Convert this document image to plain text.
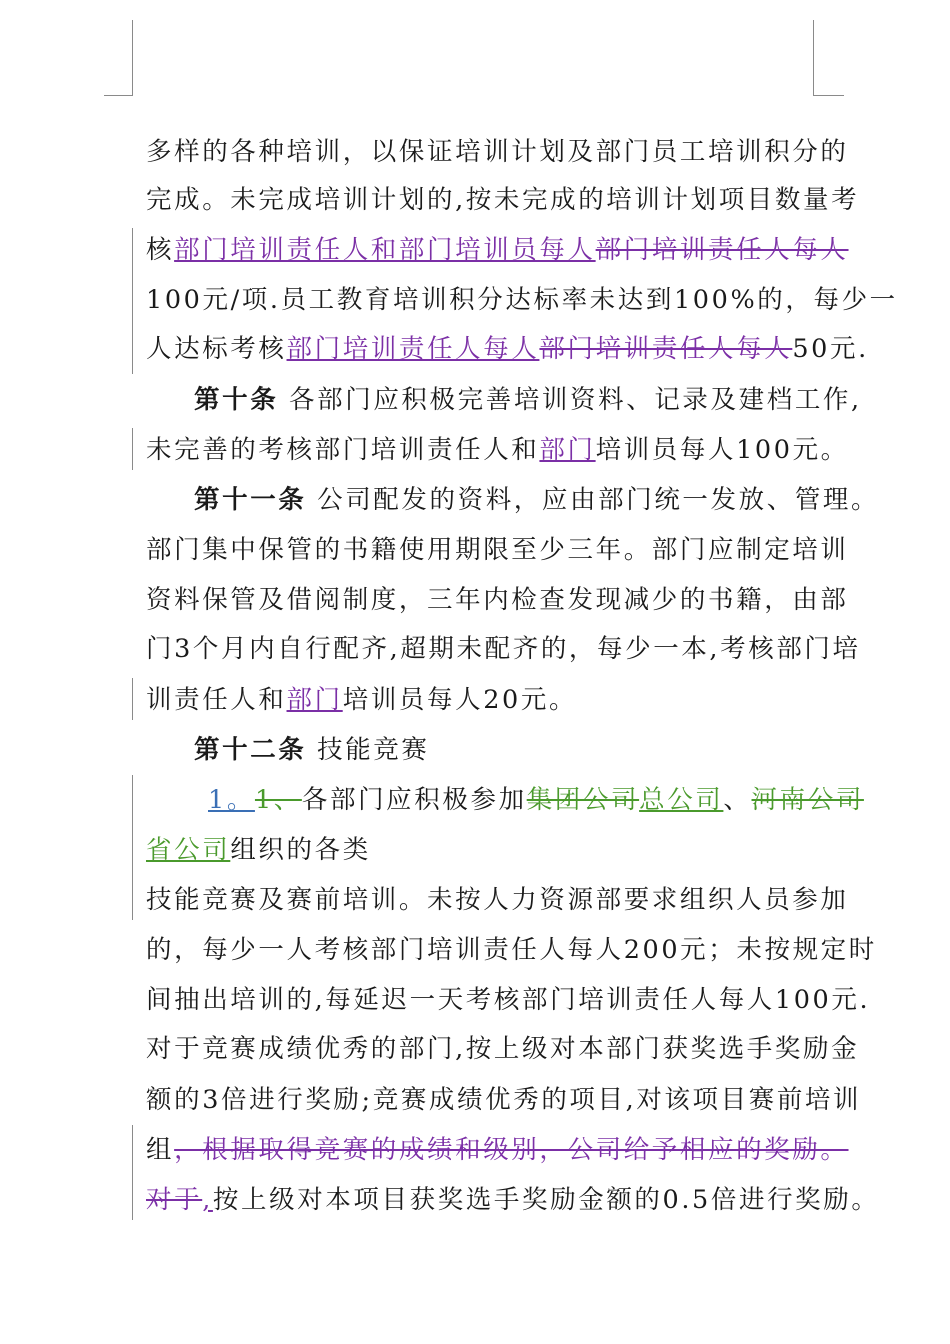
多样的各种培训，以保证培训计划及部门员工培训积分的
完成。未完成培训计划的,按未完成的培训计划项目数量考
核部门培训责任人和部门培训员每人部门培训责任人每人
100元/项.员工教育培训积分达标率未达到100%的，每少一
人达标考核部门培训责任人每人部门培训责任人每人50元.
第十条 各部门应积极完善培训资料、记录及建档工作,
未完善的考核部门培训责任人和部门培训员每人100元。
第十一条 公司配发的资料，应由部门统一发放、管理。
部门集中保管的书籍使用期限至少三年。部门应制定培训
资料保管及借阅制度，三年内检查发现减少的书籍，由部
门3个月内自行配齐,超期未配齐的，每少一本,考核部门培
训责任人和部门培训员每人20元。
第十二条 技能竞赛
1。1、各部门应积极参加集团公司总公司、河南公司
省公司组织的各类
技能竞赛及赛前培训。未按人力资源部要求组织人员参加
的，每少一人考核部门培训责任人每人200元；未按规定时
间抽出培训的,每延迟一天考核部门培训责任人每人100元.
对于竞赛成绩优秀的部门,按上级对本部门获奖选手奖励金
额的3倍进行奖励;竞赛成绩优秀的项目,对该项目赛前培训
组，根据取得竞赛的成绩和级别，公司给予相应的奖励。
对于,按上级对本项目获奖选手奖励金额的0.5倍进行奖励。
